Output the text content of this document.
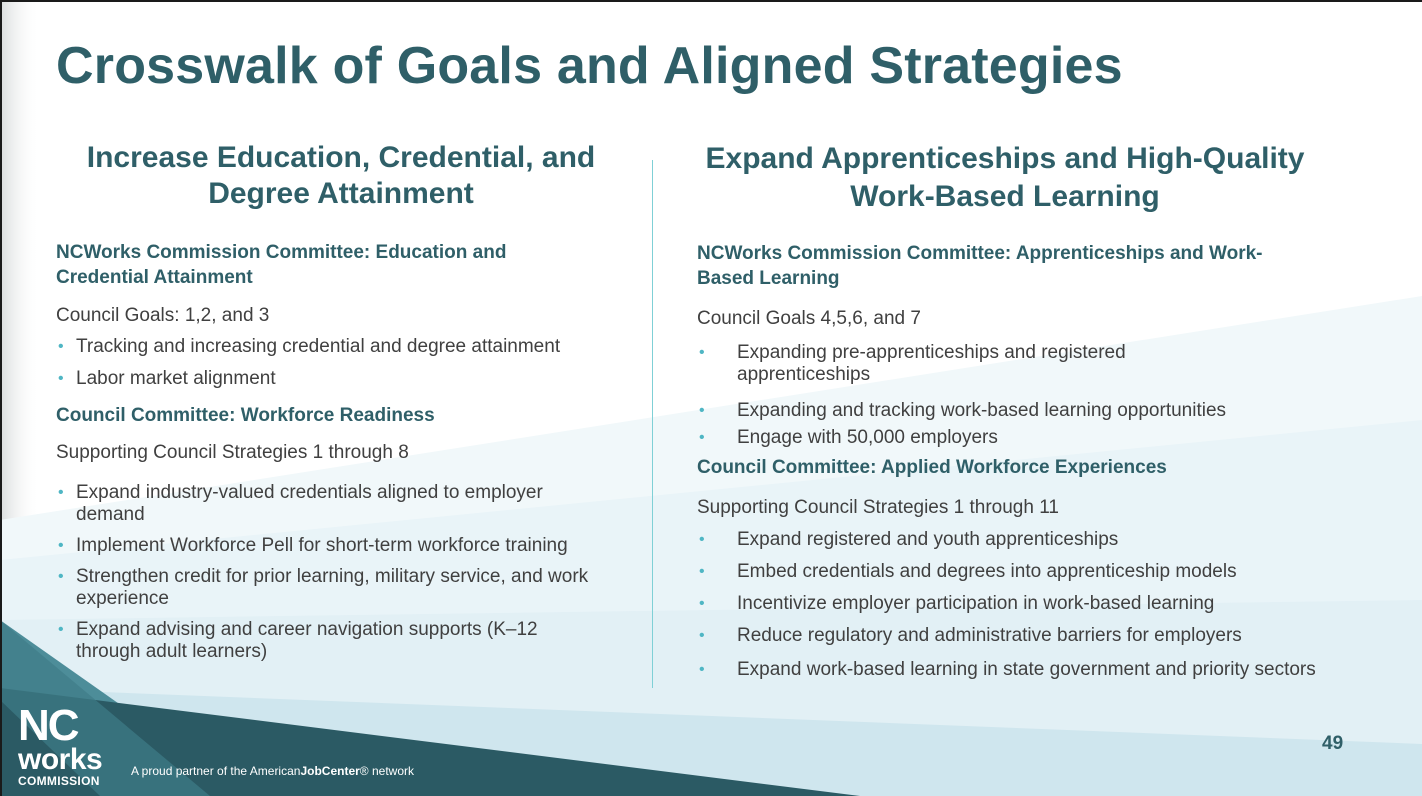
Crosswalk of Goals and Aligned Strategies
Increase Education, Credential, and Degree Attainment
Expand Apprenticeships and High-Quality Work-Based Learning

NCWorks Commission Committee: Education and Credential Attainment

Council Goals: 1,2, and 3

• Tracking and increasing credential and degree attainment
• Labor market alignment

Council Committee: Workforce Readiness

Supporting Council Strategies 1 through 8

• Expand industry-valued credentials aligned to employer demand
• Implement Workforce Pell for short-term workforce training
• Strengthen credit for prior learning, military service, and work experience
• Expand advising and career navigation supports (K–12 through adult learners)

NCWorks Commission Committee: Apprenticeships and Work-Based Learning

Council Goals 4,5,6, and 7

• Expanding pre-apprenticeships and registered apprenticeships
• Expanding and tracking work-based learning opportunities
• Engage with 50,000 employers

Council Committee: Applied Workforce Experiences

Supporting Council Strategies 1 through 11

• Expand registered and youth apprenticeships
• Embed credentials and degrees into apprenticeship models
• Incentivize employer participation in work-based learning
• Reduce regulatory and administrative barriers for employers
• Expand work-based learning in state government and priority sectors
49
NC
works
COMMISSION
A proud partner of the AmericanJobCenter® network
